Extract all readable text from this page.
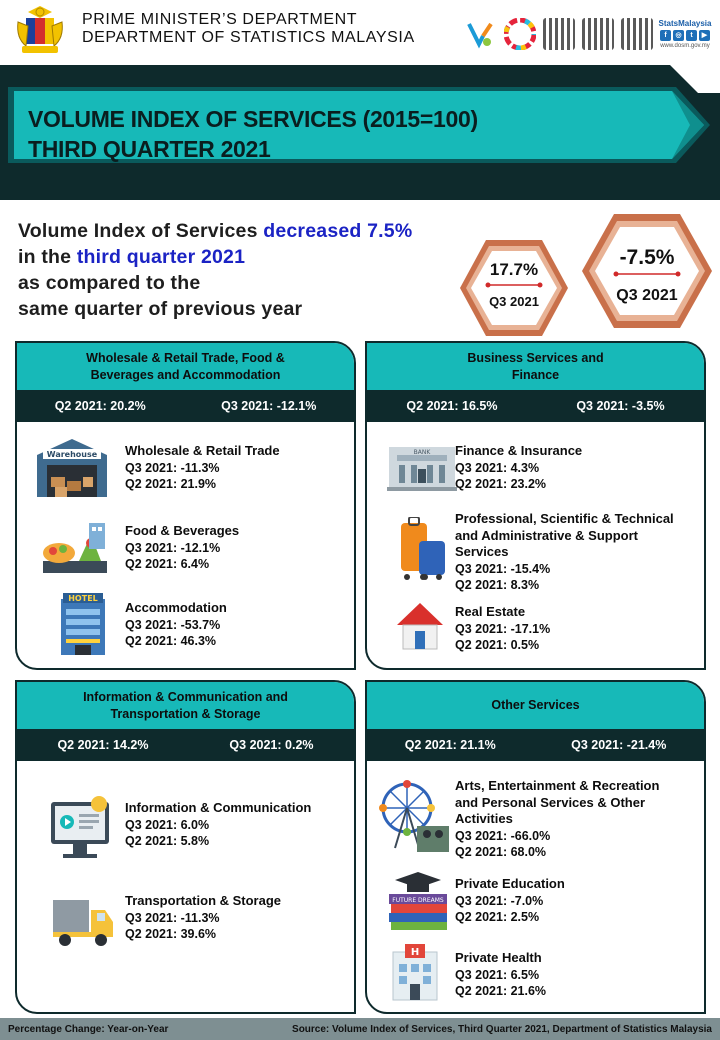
PRIME MINISTER’S DEPARTMENT
DEPARTMENT OF STATISTICS MALAYSIA
StatsMalaysia
f	◎	t	▶
www.dosm.gov.my
VOLUME INDEX OF SERVICES (2015=100)
THIRD QUARTER 2021
Volume Index of Services decreased 7.5%
in the third quarter 2021
as compared to the
same quarter of previous year
17.7%
Q3 2021
-7.5%
Q3 2021
Wholesale & Retail Trade, Food &
Beverages and Accommodation
Q2 2021: 20.2%	Q3 2021: -12.1%
Warehouse Wholesale & Retail Trade
Q3 2021: -11.3%
Q2 2021: 21.9%
Food & Beverages
Q3 2021: -12.1%
Q2 2021: 6.4%
HOTEL
Accommodation
Q3 2021: -53.7%
Q2 2021: 46.3%
Business Services and
Finance
Q2 2021: 16.5%	Q3 2021: -3.5%
BANK Finance & Insurance
Q3 2021: 4.3%
Q2 2021: 23.2%
Professional, Scientific & Technical
and Administrative & Support
Services
Q3 2021: -15.4%
Q2 2021: 8.3%
Real Estate
Q3 2021: -17.1%
Q2 2021: 0.5%
Information & Communication and
Transportation & Storage
Q2 2021: 14.2%	Q3 2021: 0.2%
Information & Communication
Q3 2021: 6.0%
Q2 2021: 5.8%
Transportation & Storage
Q3 2021: -11.3%
Q2 2021: 39.6%
Other Services
Q2 2021: 21.1%	Q3 2021: -21.4%
Arts, Entertainment & Recreation
and Personal Services & Other
Activities
Q3 2021: -66.0%
Q2 2021: 68.0%
FUTURE DREAMS
Private Education
Q3 2021: -7.0%
Q2 2021: 2.5%
H	Private Health
Q3 2021: 6.5%
Q2 2021: 21.6%
Percentage Change: Year-on-Year	Source: Volume Index of Services, Third Quarter 2021, Department of Statistics Malaysia
